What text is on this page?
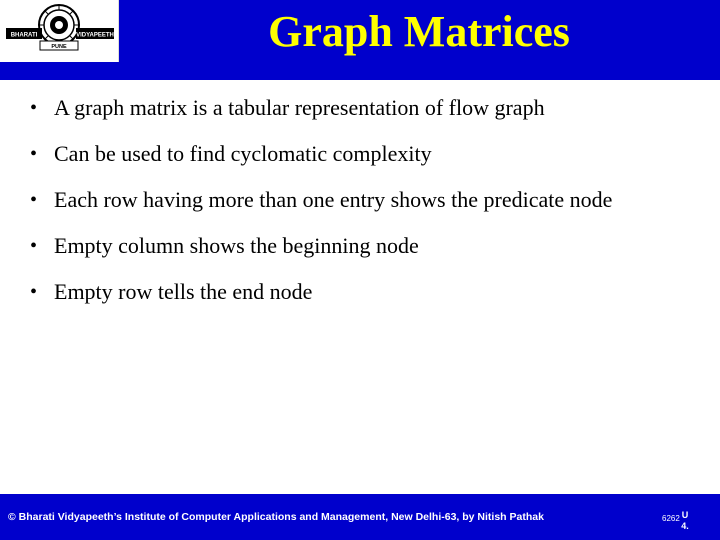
BHARATI	VIDYAPEETH
PUNE	Graph Matrices
• A graph matrix is a tabular representation of flow graph
• Can be used to find cyclomatic complexity
• Each row having more than one entry shows the predicate node
• Empty column shows the beginning node
• Empty row tells the end node
© Bharati Vidyapeeth’s Institute of Computer Applications and Management, New Delhi-63, by Nitish Pathak	6262 U 4.
